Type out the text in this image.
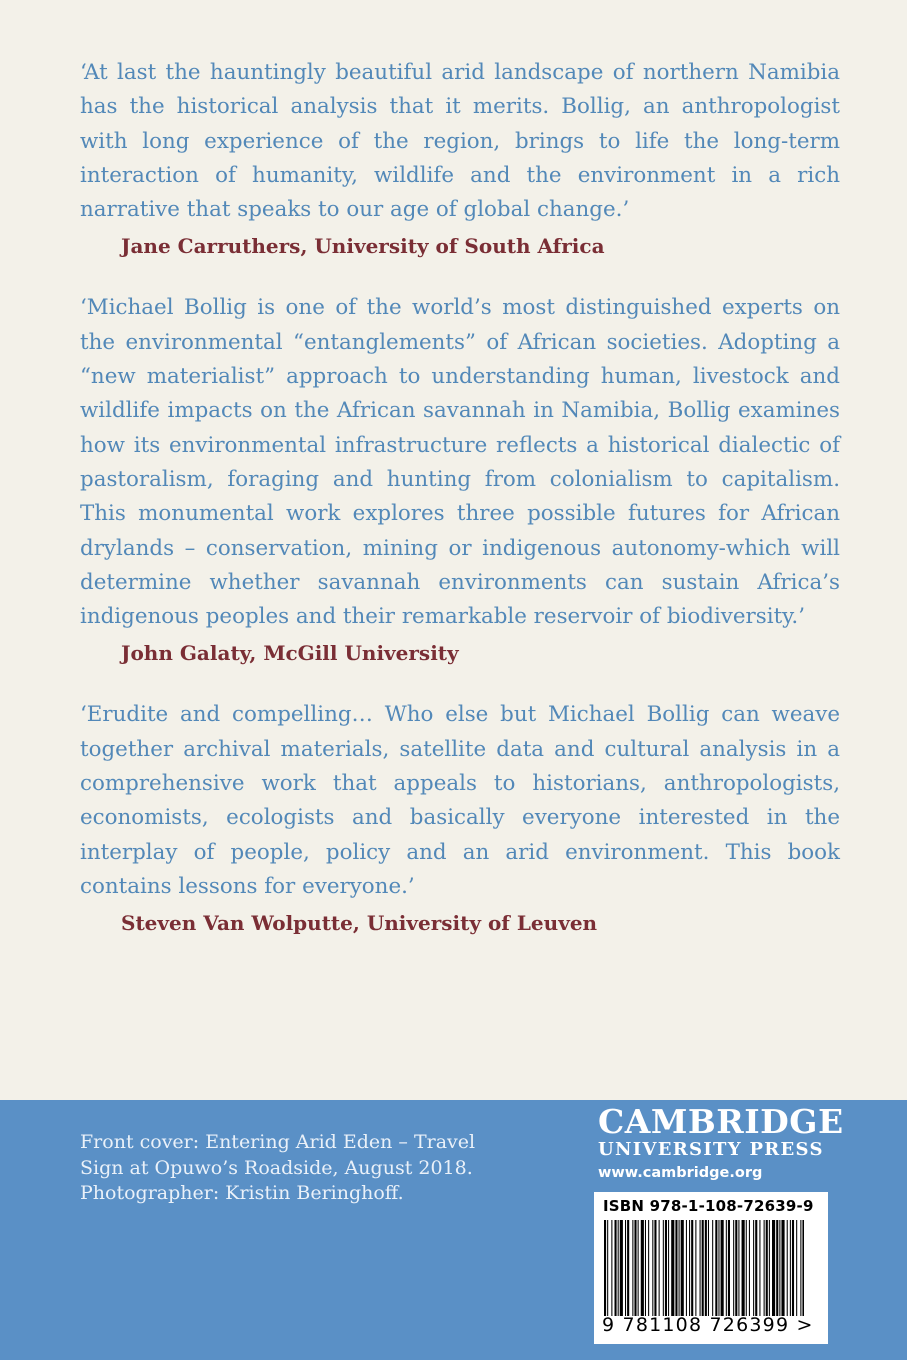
‘At last the hauntingly beautiful arid landscape of northern Namibia has the historical analysis that it merits. Bollig, an anthropologist with long experience of the region, brings to life the long-term interaction of humanity, wildlife and the environment in a rich narrative that speaks to our age of global change.’

Jane Carruthers, University of South Africa

‘Michael Bollig is one of the world’s most distinguished experts on the environmental “entanglements” of African societies. Adopting a “new materialist” approach to understanding human, livestock and wildlife impacts on the African savannah in Namibia, Bollig examines how its environmental infrastructure reflects a historical dialectic of pastoralism, foraging and hunting from colonialism to capitalism. This monumental work explores three possible futures for African drylands – conservation, mining or indigenous autonomy-which will determine whether savannah environments can sustain Africa’s indigenous peoples and their remarkable reservoir of biodiversity.’

John Galaty, McGill University

‘Erudite and compelling… Who else but Michael Bollig can weave together archival materials, satellite data and cultural analysis in a comprehensive work that appeals to historians, anthropologists, economists, ecologists and basically everyone interested in the interplay of people, policy and an arid environment. This book contains lessons for everyone.’

Steven Van Wolputte, University of Leuven
Front cover: Entering Arid Eden – Travel
Sign at Opuwo’s Roadside, August 2018.
Photographer: Kristin Beringhoff.

CAMBRIDGE

UNIVERSITY PRESS

www.cambridge.org
ISBN 978-1-108-72639-9
9 781108 726399 >
